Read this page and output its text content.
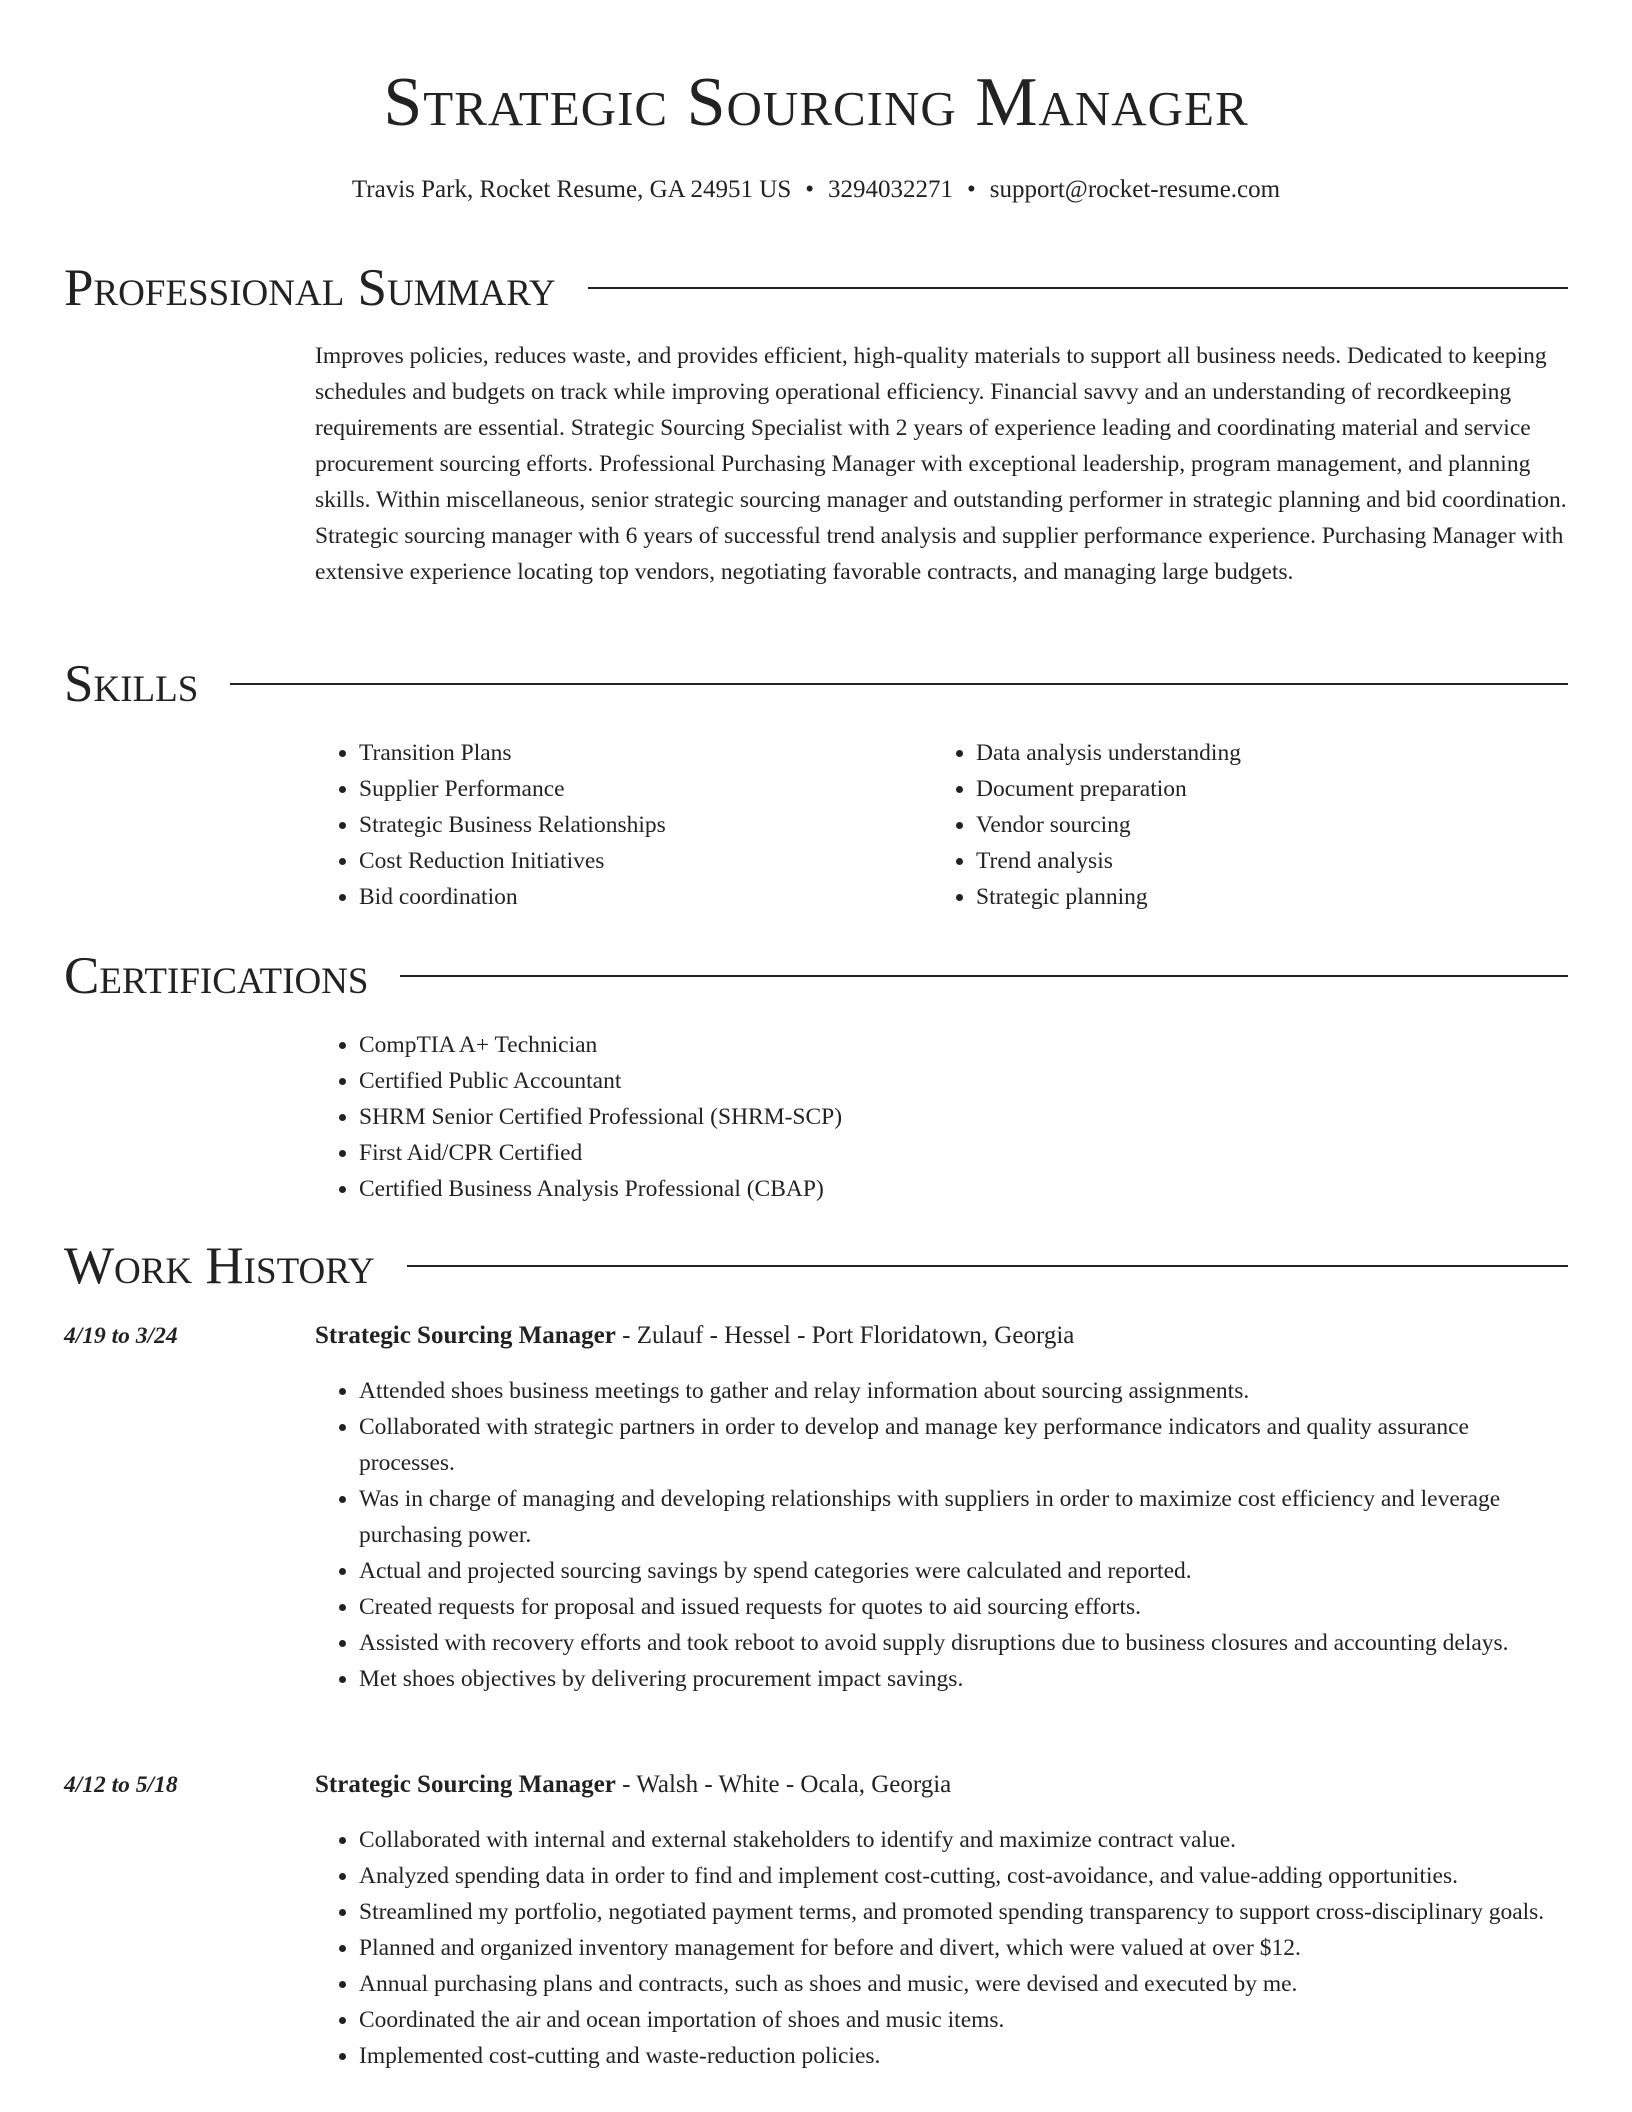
Strategic Sourcing Manager
Travis Park, Rocket Resume, GA 24951 US • 3294032271 • support@rocket-resume.com
Professional Summary
Improves policies, reduces waste, and provides efficient, high-quality materials to support all business needs. Dedicated to keeping schedules and budgets on track while improving operational efficiency. Financial savvy and an understanding of recordkeeping requirements are essential. Strategic Sourcing Specialist with 2 years of experience leading and coordinating material and service procurement sourcing efforts. Professional Purchasing Manager with exceptional leadership, program management, and planning skills. Within miscellaneous, senior strategic sourcing manager and outstanding performer in strategic planning and bid coordination. Strategic sourcing manager with 6 years of successful trend analysis and supplier performance experience. Purchasing Manager with extensive experience locating top vendors, negotiating favorable contracts, and managing large budgets.
Skills
• Transition Plans
• Supplier Performance
• Strategic Business Relationships
• Cost Reduction Initiatives
• Bid coordination
• Data analysis understanding
• Document preparation
• Vendor sourcing
• Trend analysis
• Strategic planning
Certifications
• CompTIA A+ Technician
• Certified Public Accountant
• SHRM Senior Certified Professional (SHRM-SCP)
• First Aid/CPR Certified
• Certified Business Analysis Professional (CBAP)
Work History
4/19 to 3/24	Strategic Sourcing Manager - Zulauf - Hessel - Port Floridatown, Georgia
• Attended shoes business meetings to gather and relay information about sourcing assignments.
• Collaborated with strategic partners in order to develop and manage key performance indicators and quality assurance processes.
• Was in charge of managing and developing relationships with suppliers in order to maximize cost efficiency and leverage purchasing power.
• Actual and projected sourcing savings by spend categories were calculated and reported.
• Created requests for proposal and issued requests for quotes to aid sourcing efforts.
• Assisted with recovery efforts and took reboot to avoid supply disruptions due to business closures and accounting delays.
• Met shoes objectives by delivering procurement impact savings.
4/12 to 5/18	Strategic Sourcing Manager - Walsh - White - Ocala, Georgia
• Collaborated with internal and external stakeholders to identify and maximize contract value.
• Analyzed spending data in order to find and implement cost-cutting, cost-avoidance, and value-adding opportunities.
• Streamlined my portfolio, negotiated payment terms, and promoted spending transparency to support cross-disciplinary goals.
• Planned and organized inventory management for before and divert, which were valued at over $12.
• Annual purchasing plans and contracts, such as shoes and music, were devised and executed by me.
• Coordinated the air and ocean importation of shoes and music items.
• Implemented cost-cutting and waste-reduction policies.
